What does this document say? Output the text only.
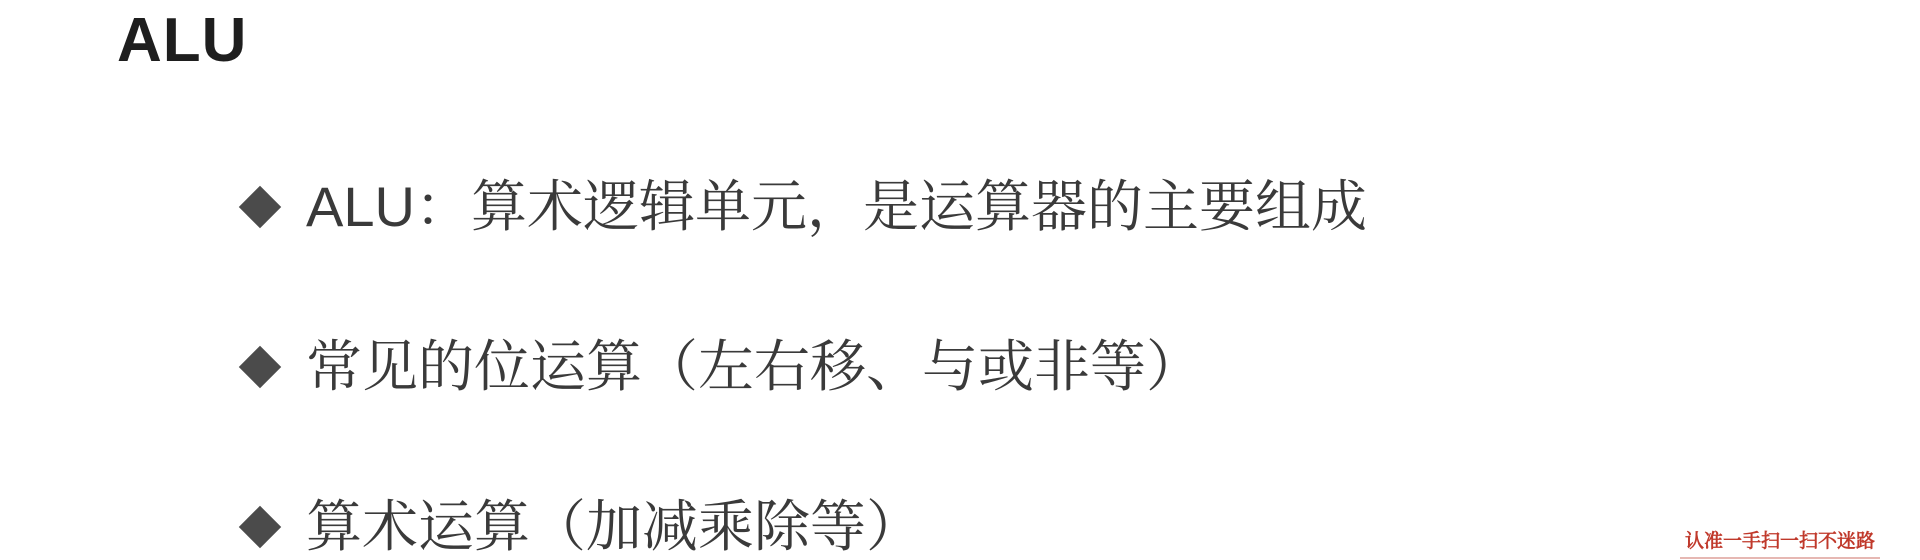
ALU
ALU：算术逻辑单元，是运算器的主要组成
常见的位运算（左右移、与或非等）
算术运算（加减乘除等）	认准一手扫一扫不迷路
